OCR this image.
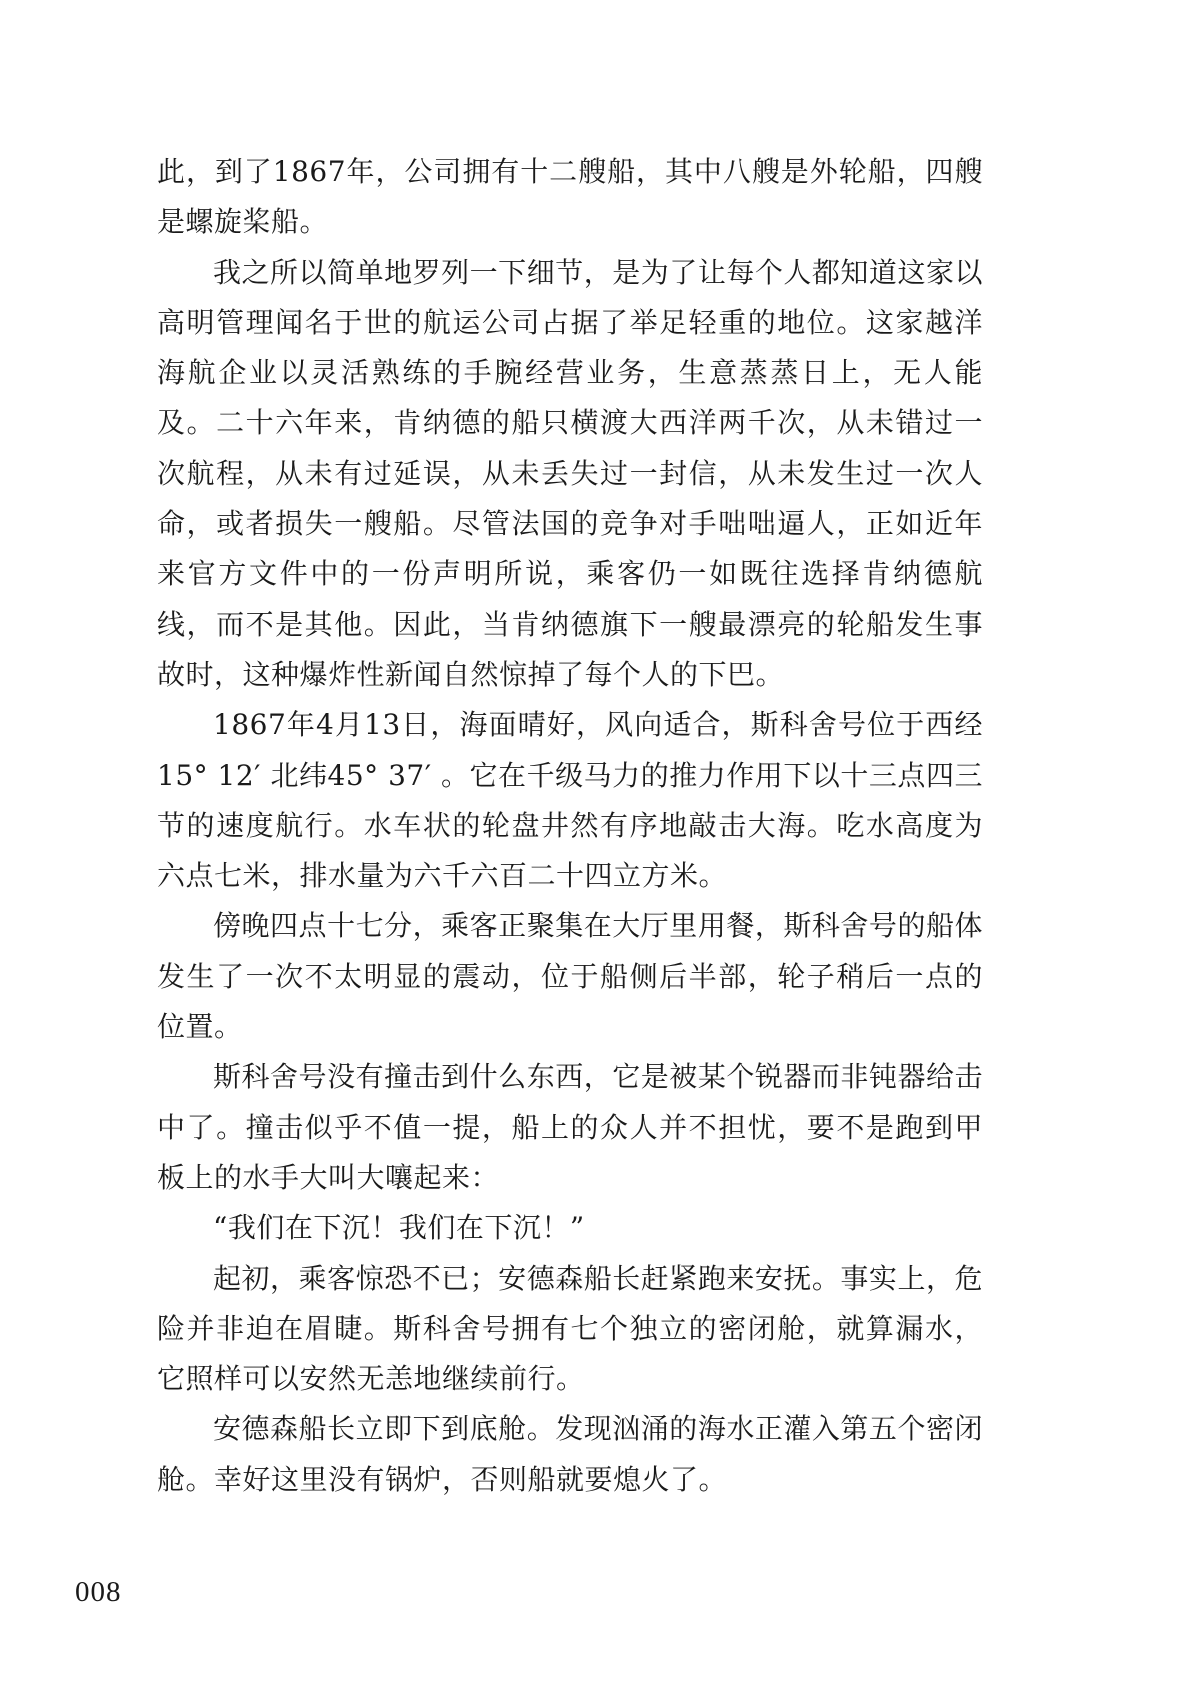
此，到了1867年，公司拥有十二艘船，其中八艘是外轮船，四艘是螺旋桨船。

我之所以简单地罗列一下细节，是为了让每个人都知道这家以高明管理闻名于世的航运公司占据了举足轻重的地位。这家越洋海航企业以灵活熟练的手腕经营业务，生意蒸蒸日上，无人能及。二十六年来，肯纳德的船只横渡大西洋两千次，从未错过一次航程，从未有过延误，从未丢失过一封信，从未发生过一次人命，或者损失一艘船。尽管法国的竞争对手咄咄逼人，正如近年来官方文件中的一份声明所说，乘客仍一如既往选择肯纳德航线，而不是其他。因此，当肯纳德旗下一艘最漂亮的轮船发生事故时，这种爆炸性新闻自然惊掉了每个人的下巴。

1867年4月13日，海面晴好，风向适合，斯科舍号位于西经15° 12′ 北纬45° 37′ 。它在千级马力的推力作用下以十三点四三节的速度航行。水车状的轮盘井然有序地敲击大海。吃水高度为六点七米，排水量为六千六百二十四立方米。

傍晚四点十七分，乘客正聚集在大厅里用餐，斯科舍号的船体发生了一次不太明显的震动，位于船侧后半部，轮子稍后一点的位置。

斯科舍号没有撞击到什么东西，它是被某个锐器而非钝器给击中了。撞击似乎不值一提，船上的众人并不担忧，要不是跑到甲板上的水手大叫大嚷起来：

“我们在下沉！我们在下沉！”

起初，乘客惊恐不已；安德森船长赶紧跑来安抚。事实上，危险并非迫在眉睫。斯科舍号拥有七个独立的密闭舱，就算漏水，它照样可以安然无恙地继续前行。

安德森船长立即下到底舱。发现汹涌的海水正灌入第五个密闭舱。幸好这里没有锅炉，否则船就要熄火了。

008
